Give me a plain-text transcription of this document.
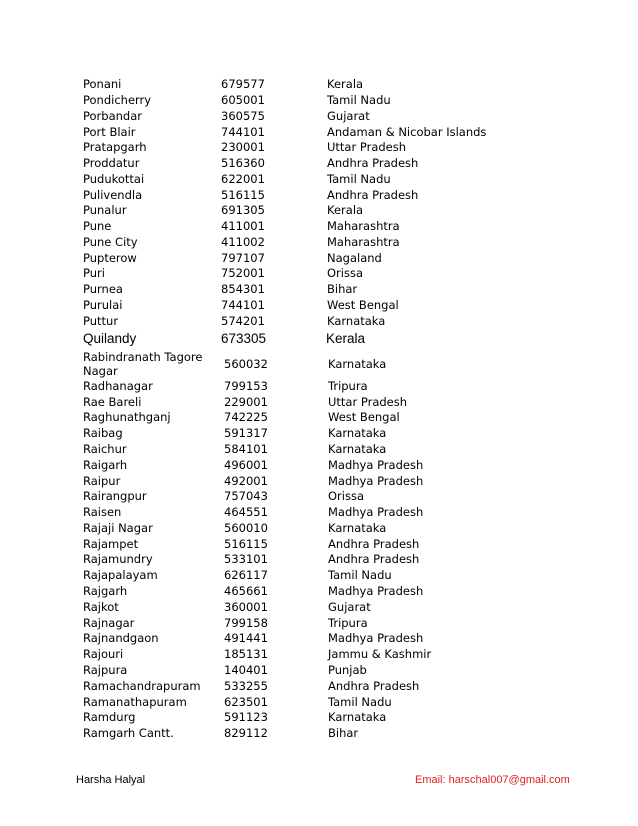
Ponani	679577	Kerala
Pondicherry	605001	Tamil Nadu
Porbandar	360575	Gujarat
Port Blair	744101	Andaman & Nicobar Islands
Pratapgarh	230001	Uttar Pradesh
Proddatur	516360	Andhra Pradesh
Pudukottai	622001	Tamil Nadu
Pulivendla	516115	Andhra Pradesh
Punalur	691305	Kerala
Pune	411001	Maharashtra
Pune City	411002	Maharashtra
Pupterow	797107	Nagaland
Puri	752001	Orissa
Purnea	854301	Bihar
Purulai	744101	West Bengal
Puttur	574201	Karnataka
Quilandy	673305	Kerala
Rabindranath Tagore Nagar	560032	Karnataka
Radhanagar	799153	Tripura
Rae Bareli	229001	Uttar Pradesh
Raghunathganj	742225	West Bengal
Raibag	591317	Karnataka
Raichur	584101	Karnataka
Raigarh	496001	Madhya Pradesh
Raipur	492001	Madhya Pradesh
Rairangpur	757043	Orissa
Raisen	464551	Madhya Pradesh
Rajaji Nagar	560010	Karnataka
Rajampet	516115	Andhra Pradesh
Rajamundry	533101	Andhra Pradesh
Rajapalayam	626117	Tamil Nadu
Rajgarh	465661	Madhya Pradesh
Rajkot	360001	Gujarat
Rajnagar	799158	Tripura
Rajnandgaon	491441	Madhya Pradesh
Rajouri	185131	Jammu & Kashmir
Rajpura	140401	Punjab
Ramachandrapuram 533255	Andhra Pradesh
Ramanathapuram	623501	Tamil Nadu
Ramdurg	591123	Karnataka
Ramgarh Cantt.	829112	Bihar
Harsha Halyal	Email: harschal007@gmail.com
